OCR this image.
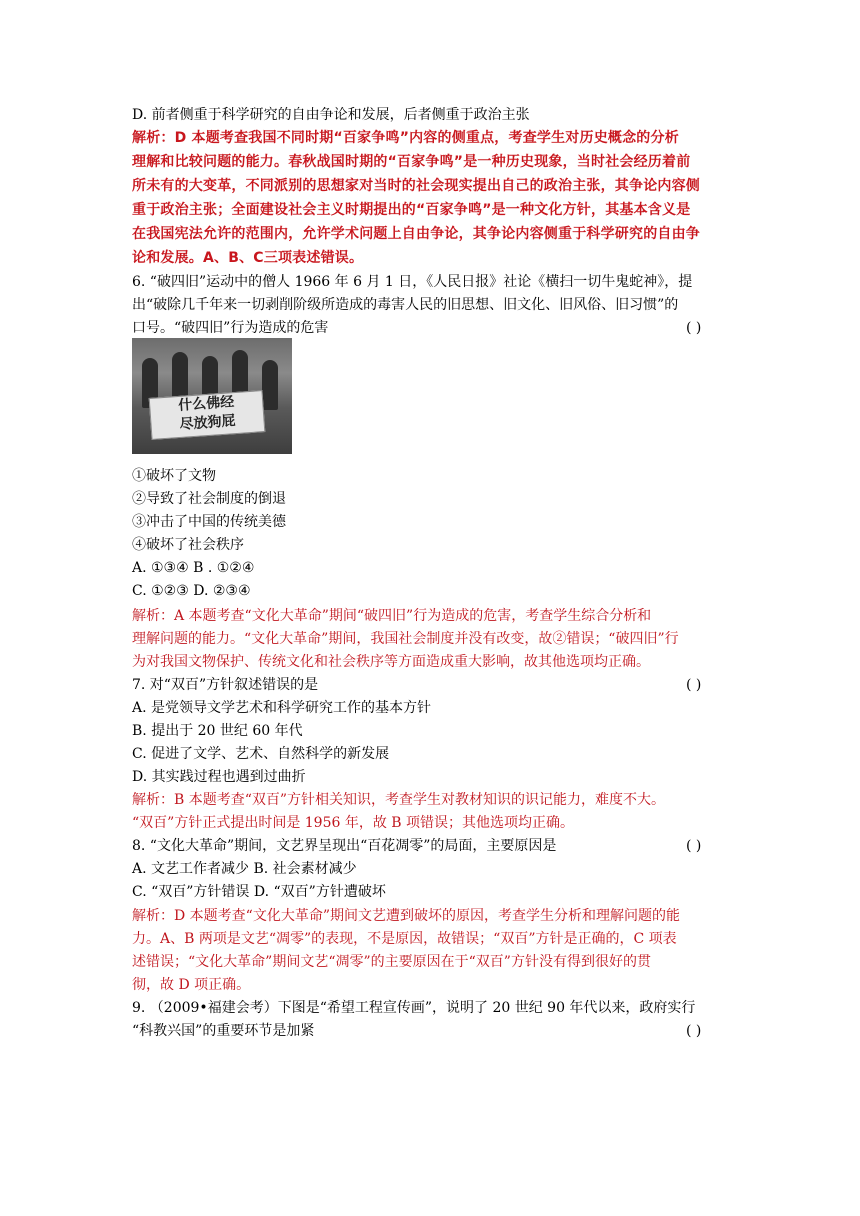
D. 前者侧重于科学研究的自由争论和发展，后者侧重于政治主张
解析：D 本题考查我国不同时期“百家争鸣”内容的侧重点，考查学生对历史概念的分析
理解和比较问题的能力。春秋战国时期的“百家争鸣”是一种历史现象，当时社会经历着前
所未有的大变革，不同派别的思想家对当时的社会现实提出自己的政治主张，其争论内容侧
重于政治主张；全面建设社会主义时期提出的“百家争鸣”是一种文化方针，其基本含义是
在我国宪法允许的范围内，允许学术问题上自由争论，其争论内容侧重于科学研究的自由争
论和发展。A、B、C三项表述错误。
6. “破四旧”运动中的僧人 1966 年 6 月 1 日，《人民日报》社论《横扫一切牛鬼蛇神》，提
出“破除几千年来一切剥削阶级所造成的毒害人民的旧思想、旧文化、旧风俗、旧习惯”的
口号。“破四旧”行为造成的危害	( )
什么佛经
尽放狗屁
①破坏了文物
②导致了社会制度的倒退
③冲击了中国的传统美德
④破坏了社会秩序
A. ①③④ B . ①②④
C. ①②③ D. ②③④
解析：A 本题考查“文化大革命”期间“破四旧”行为造成的危害，考查学生综合分析和
理解问题的能力。“文化大革命”期间，我国社会制度并没有改变，故②错误；“破四旧”行
为对我国文物保护、传统文化和社会秩序等方面造成重大影响，故其他选项均正确。
7. 对“双百”方针叙述错误的是	( )
A. 是党领导文学艺术和科学研究工作的基本方针
B. 提出于 20 世纪 60 年代
C. 促进了文学、艺术、自然科学的新发展
D. 其实践过程也遇到过曲折
解析：B 本题考查“双百”方针相关知识，考查学生对教材知识的识记能力，难度不大。
“双百”方针正式提出时间是 1956 年，故 B 项错误；其他选项均正确。
8. “文化大革命”期间，文艺界呈现出“百花凋零”的局面，主要原因是	( )
A. 文艺工作者减少 B. 社会素材减少
C. “双百”方针错误 D. “双百”方针遭破坏
解析：D 本题考查“文化大革命”期间文艺遭到破坏的原因，考查学生分析和理解问题的能
力。A、B 两项是文艺“凋零”的表现，不是原因，故错误；“双百”方针是正确的，C 项表
述错误；“文化大革命”期间文艺“凋零”的主要原因在于“双百”方针没有得到很好的贯
彻，故 D 项正确。
9. （2009•福建会考）下图是“希望工程宣传画”，说明了 20 世纪 90 年代以来，政府实行
“科教兴国”的重要环节是加紧	( )
